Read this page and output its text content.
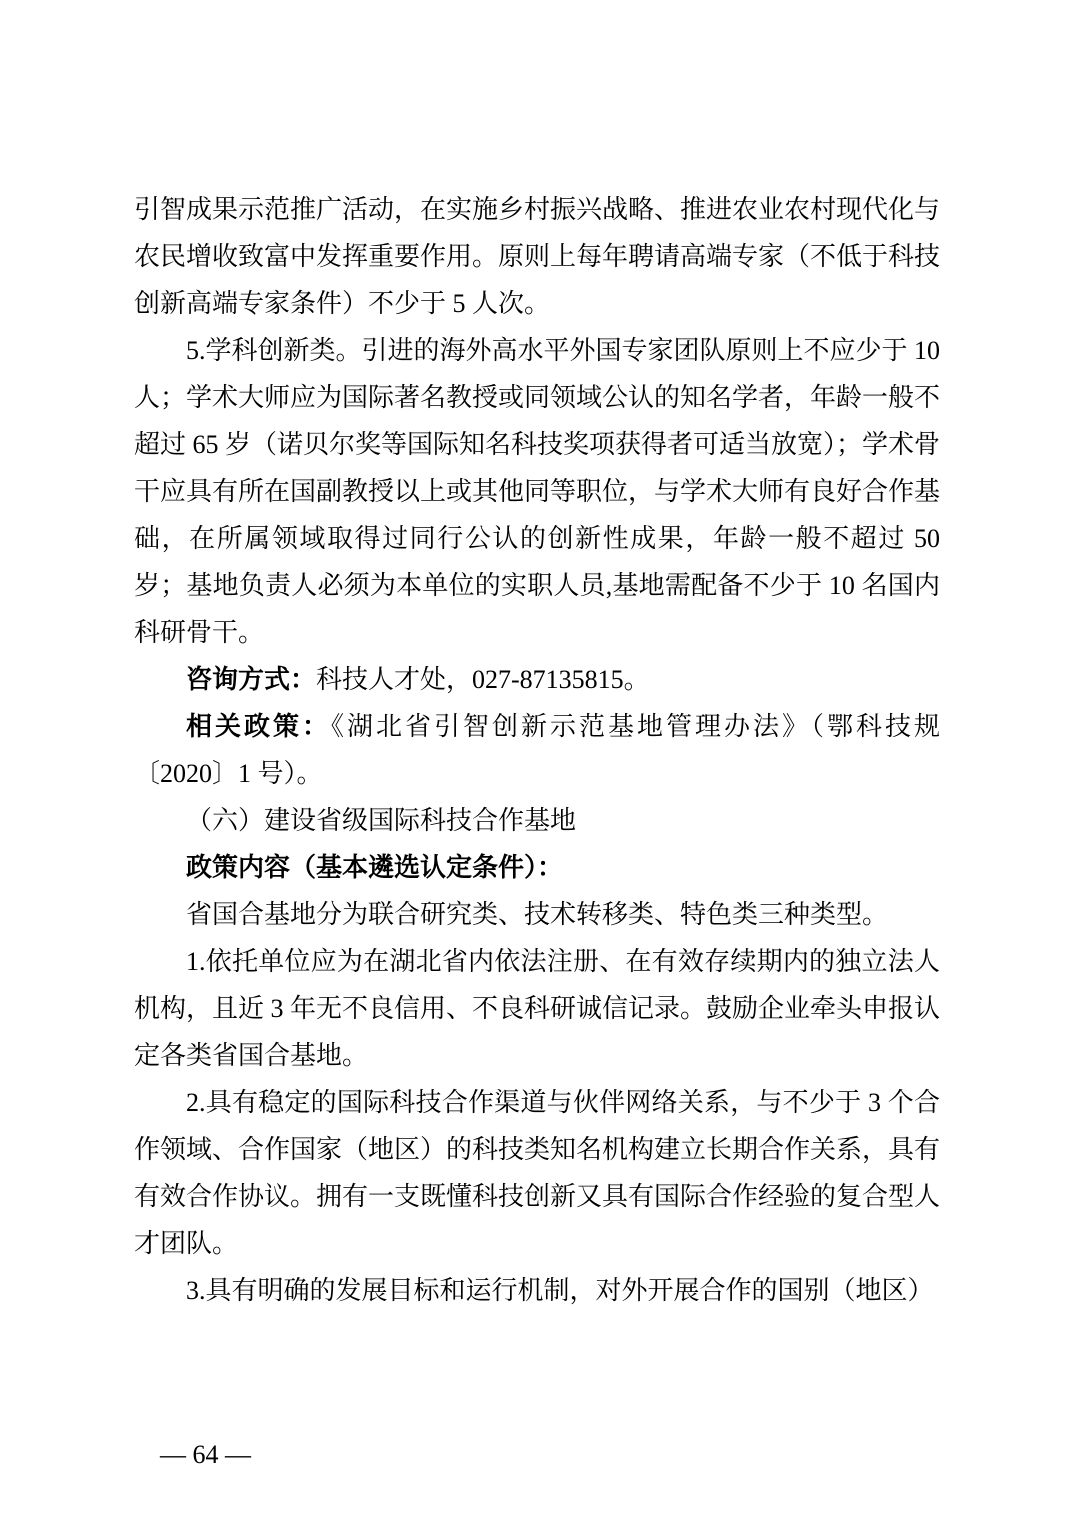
引智成果示范推广活动，在实施乡村振兴战略、推进农业农村现代化与农民增收致富中发挥重要作用。原则上每年聘请高端专家（不低于科技创新高端专家条件）不少于 5 人次。

5.学科创新类。引进的海外高水平外国专家团队原则上不应少于 10 人；学术大师应为国际著名教授或同领域公认的知名学者，年龄一般不超过 65 岁（诺贝尔奖等国际知名科技奖项获得者可适当放宽）；学术骨干应具有所在国副教授以上或其他同等职位，与学术大师有良好合作基础，在所属领域取得过同行公认的创新性成果，年龄一般不超过 50 岁；基地负责人必须为本单位的实职人员,基地需配备不少于 10 名国内科研骨干。

咨询方式：科技人才处，027-87135815。

相关政策：《湖北省引智创新示范基地管理办法》（鄂科技规〔2020〕1 号）。

（六）建设省级国际科技合作基地

政策内容（基本遴选认定条件）：

省国合基地分为联合研究类、技术转移类、特色类三种类型。

1.依托单位应为在湖北省内依法注册、在有效存续期内的独立法人机构，且近 3 年无不良信用、不良科研诚信记录。鼓励企业牵头申报认定各类省国合基地。

2.具有稳定的国际科技合作渠道与伙伴网络关系，与不少于 3 个合作领域、合作国家（地区）的科技类知名机构建立长期合作关系，具有有效合作协议。拥有一支既懂科技创新又具有国际合作经验的复合型人才团队。

3.具有明确的发展目标和运行机制，对外开展合作的国别（地区）

— 64 —
